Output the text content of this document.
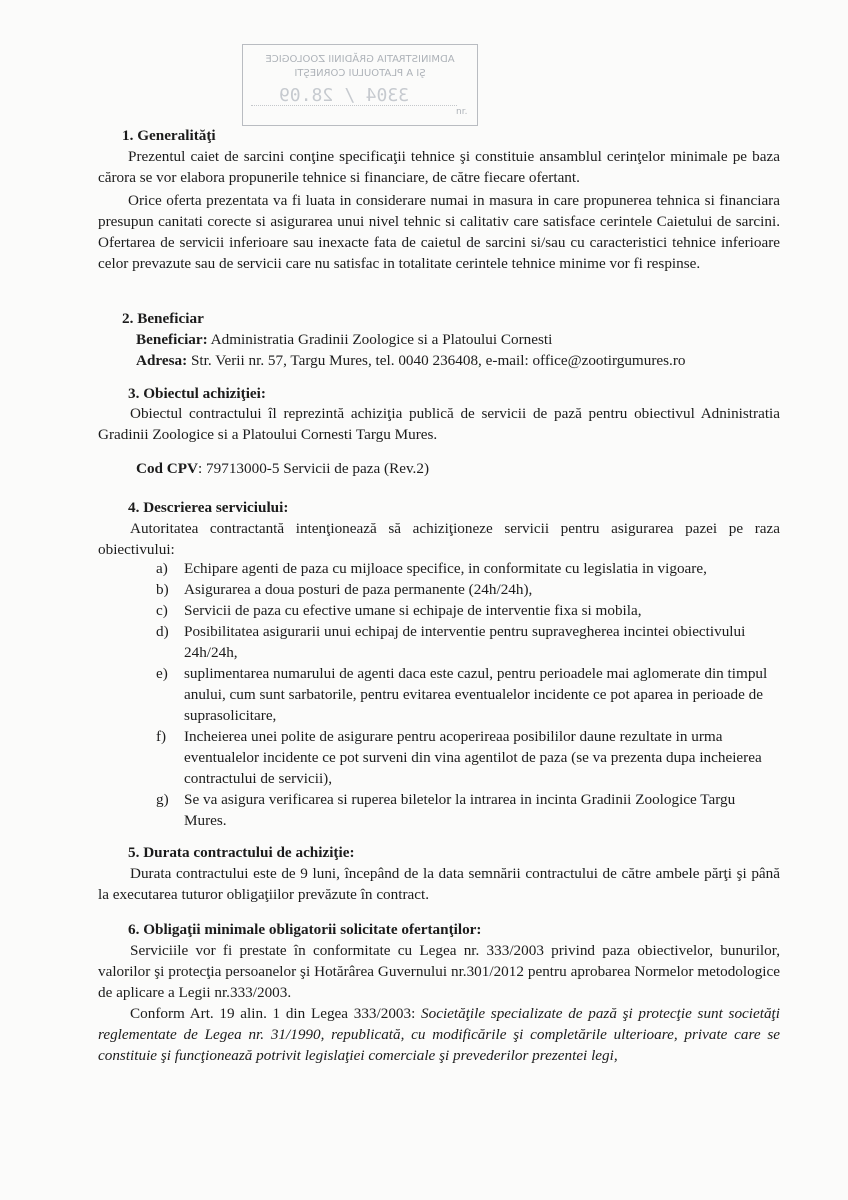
ADMINISTRATIA GRĂDINII ZOOLOGICE
ŞI A PLATOULUI CORNEŞTI
3304 / 28.09
nr.
1. Generalităţi
Prezentul caiet de sarcini conţine specificaţii tehnice şi constituie ansamblul cerinţelor minimale pe baza cărora se vor elabora propunerile tehnice si financiare, de către fiecare ofertant.
Orice oferta prezentata va fi luata in considerare numai in masura in care propunerea tehnica si financiara presupun canitati corecte si asigurarea unui nivel tehnic si calitativ care satisface cerintele Caietului de sarcini. Ofertarea de servicii inferioare sau inexacte fata de caietul de sarcini si/sau cu caracteristici tehnice inferioare celor prevazute sau de servicii care nu satisfac in totalitate cerintele tehnice minime vor fi respinse.
2. Beneficiar
Beneficiar: Administratia Gradinii Zoologice si a Platoului Cornesti
Adresa: Str. Verii nr. 57, Targu Mures, tel. 0040 236408, e-mail: office@zootirgumures.ro
3. Obiectul achiziţiei:
Obiectul contractului îl reprezintă achiziţia publică de servicii de pază pentru obiectivul Adninistratia Gradinii Zoologice si a Platoului Cornesti Targu Mures.
Cod CPV: 79713000-5 Servicii de paza (Rev.2)
4. Descrierea serviciului:
Autoritatea contractantă intenţionează să achiziţioneze servicii pentru asigurarea pazei pe raza obiectivului:
a) Echipare agenti de paza cu mijloace specifice, in conformitate cu legislatia in vigoare,
b) Asigurarea a doua posturi de paza permanente (24h/24h),
c) Servicii de paza cu efective umane si echipaje de interventie fixa si mobila,
d) Posibilitatea asigurarii unui echipaj de interventie pentru supravegherea incintei obiectivului 24h/24h,
e) suplimentarea numarului de agenti daca este cazul, pentru perioadele mai aglomerate din timpul anului, cum sunt sarbatorile, pentru evitarea eventualelor incidente ce pot aparea in perioade de suprasolicitare,
f) Incheierea unei polite de asigurare pentru acoperireaa posibililor daune rezultate in urma eventualelor incidente ce pot surveni din vina agentilot de paza (se va prezenta dupa incheierea contractului de servicii),
g) Se va asigura verificarea si ruperea biletelor la intrarea in incinta Gradinii Zoologice Targu Mures.
5. Durata contractului de achiziţie:
Durata contractului este de 9 luni, începând de la data semnării contractului de către ambele părţi şi până la executarea tuturor obligaţiilor prevăzute în contract.
6. Obligaţii minimale obligatorii solicitate ofertanţilor:
Serviciile vor fi prestate în conformitate cu Legea nr. 333/2003 privind paza obiectivelor, bunurilor, valorilor şi protecţia persoanelor şi Hotărârea Guvernului nr.301/2012 pentru aprobarea Normelor metodologice de aplicare a Legii nr.333/2003.
Conform Art. 19 alin. 1 din Legea 333/2003: Societăţile specializate de pază şi protecţie sunt societăţi reglementate de Legea nr. 31/1990, republicată, cu modificările şi completările ulterioare, private care se constituie şi funcţionează potrivit legislaţiei comerciale şi prevederilor prezentei legi,
